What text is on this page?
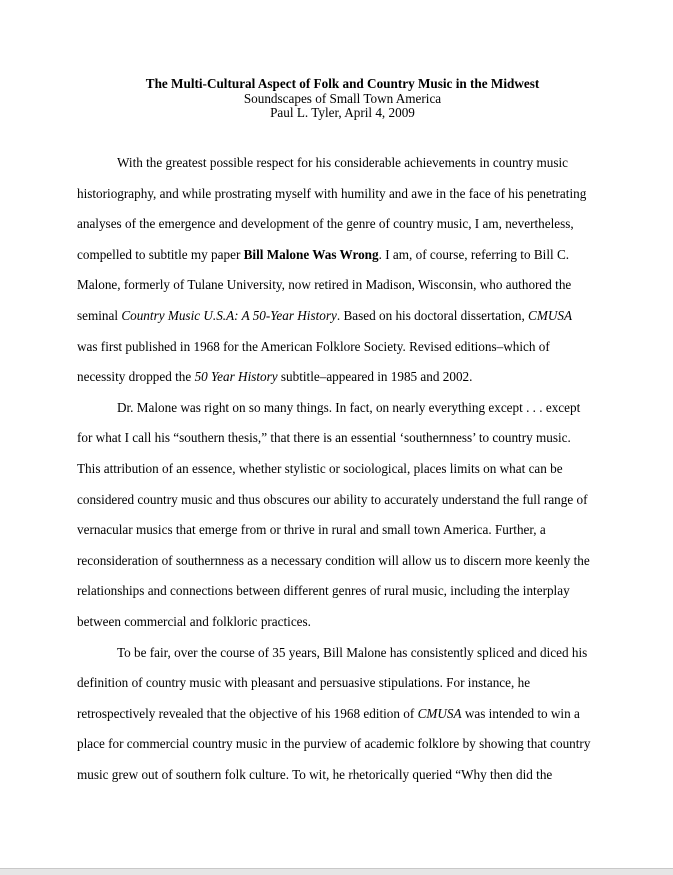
The Multi-Cultural Aspect of Folk and Country Music in the Midwest
Soundscapes of Small Town America
Paul L. Tyler, April 4, 2009
With the greatest possible respect for his considerable achievements in country music
historiography, and while prostrating myself with humility and awe in the face of his penetrating
analyses of the emergence and development of the genre of country music, I am, nevertheless,
compelled to subtitle my paper Bill Malone Was Wrong. I am, of course, referring to Bill C.
Malone, formerly of Tulane University, now retired in Madison, Wisconsin, who authored the
seminal Country Music U.S.A: A 50-Year History. Based on his doctoral dissertation, CMUSA
was first published in 1968 for the American Folklore Society. Revised editions–which of
necessity dropped the 50 Year History subtitle–appeared in 1985 and 2002.
Dr. Malone was right on so many things. In fact, on nearly everything except . . . except
for what I call his “southern thesis,” that there is an essential ‘southernness’ to country music.
This attribution of an essence, whether stylistic or sociological, places limits on what can be
considered country music and thus obscures our ability to accurately understand the full range of
vernacular musics that emerge from or thrive in rural and small town America. Further, a
reconsideration of southernness as a necessary condition will allow us to discern more keenly the
relationships and connections between different genres of rural music, including the interplay
between commercial and folkloric practices.
To be fair, over the course of 35 years, Bill Malone has consistently spliced and diced his
definition of country music with pleasant and persuasive stipulations. For instance, he
retrospectively revealed that the objective of his 1968 edition of CMUSA was intended to win a
place for commercial country music in the purview of academic folklore by showing that country
music grew out of southern folk culture. To wit, he rhetorically queried “Why then did the
